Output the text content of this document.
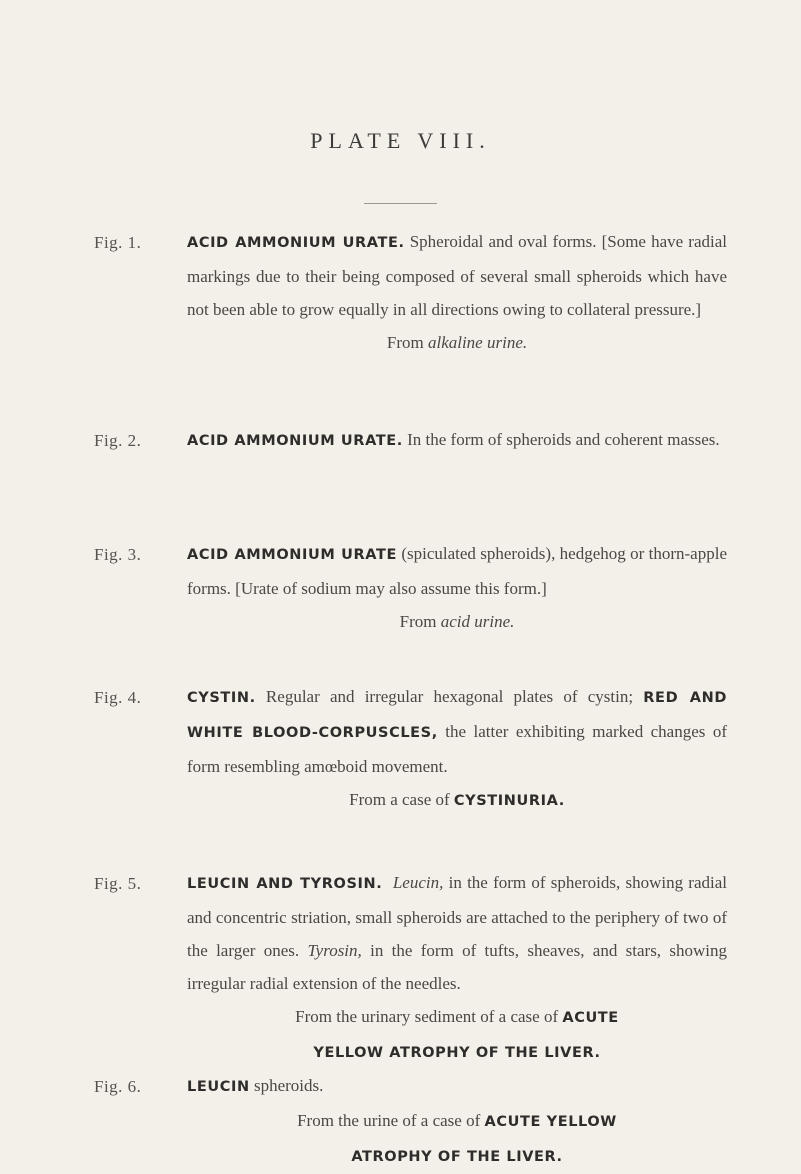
PLATE VIII.
Fig. 1.	ACID AMMONIUM URATE. Spheroidal and oval forms. [Some have radial markings due to their being composed of several small spheroids which have not been able to grow equally in all directions owing to collateral pressure.]
From alkaline urine.
Fig. 2.	ACID AMMONIUM URATE. In the form of spheroids and coherent masses.
Fig. 3.	ACID AMMONIUM URATE (spiculated spheroids), hedgehog or thorn-apple forms. [Urate of sodium may also assume this form.]
From acid urine.
Fig. 4.	CYSTIN. Regular and irregular hexagonal plates of cystin; RED AND WHITE BLOOD-CORPUSCLES, the latter exhibiting marked changes of form resembling amœboid movement.
From a case of CYSTINURIA.
Fig. 5.	LEUCIN AND TYROSIN. Leucin, in the form of spheroids, showing radial and concentric striation, small spheroids are attached to the periphery of two of the larger ones. Tyrosin, in the form of tufts, sheaves, and stars, showing irregular radial extension of the needles.
From the urinary sediment of a case of ACUTE
YELLOW ATROPHY OF THE LIVER.
Fig. 6.	LEUCIN spheroids.
From the urine of a case of ACUTE YELLOW
ATROPHY OF THE LIVER.
